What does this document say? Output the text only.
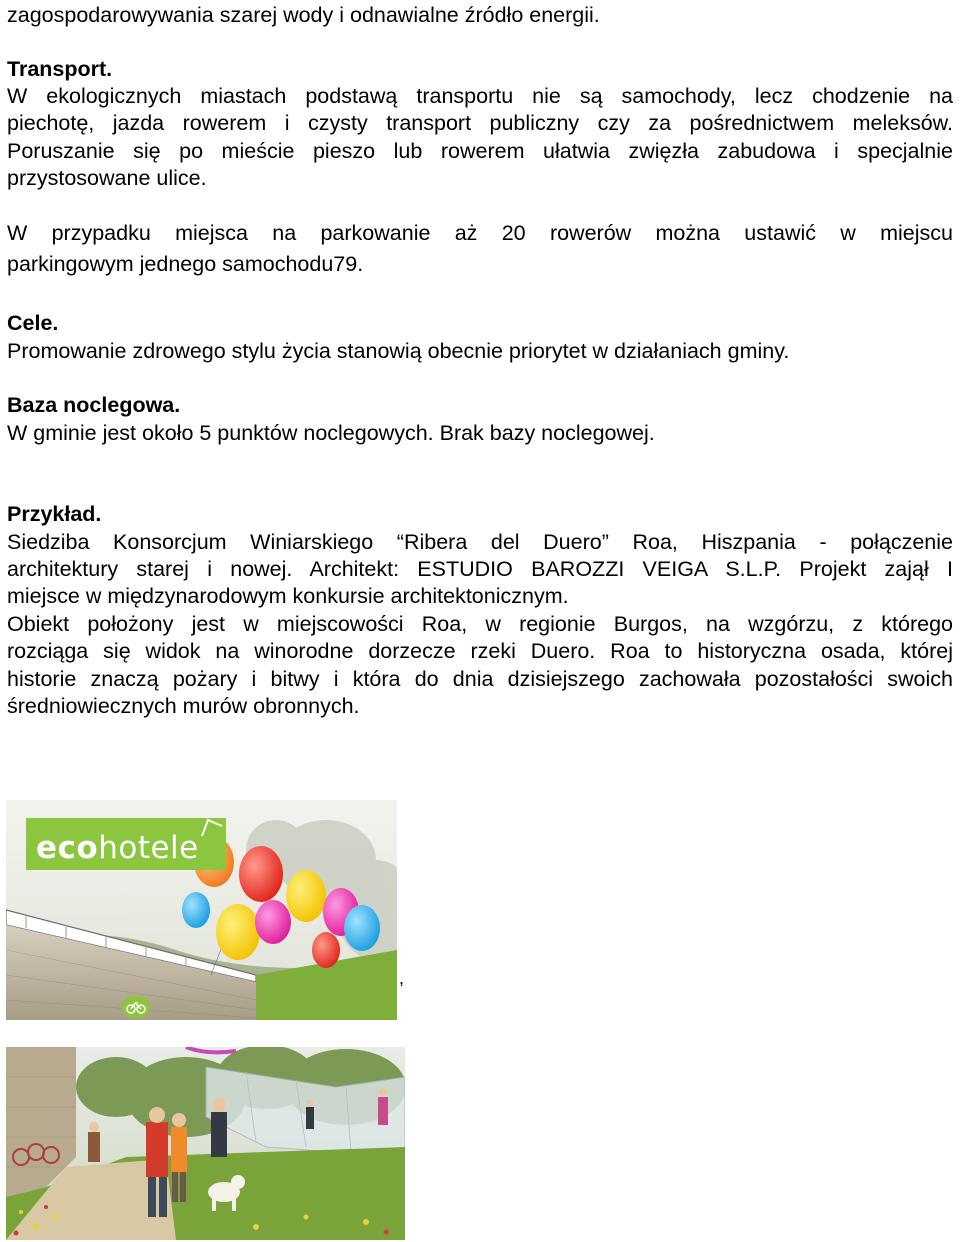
zagospodarowywania szarej wody i odnawialne źródło energii.
Transport.
W ekologicznych miastach podstawą transportu nie są samochody, lecz chodzenie na
piechotę, jazda rowerem i czysty transport publiczny czy za pośrednictwem meleksów.
Poruszanie się po mieście pieszo lub rowerem ułatwia zwięzła zabudowa i specjalnie
przystosowane ulice.
W przypadku miejsca na parkowanie aż 20 rowerów można ustawić w miejscu
parkingowym jednego samochodu79.
Cele.
Promowanie zdrowego stylu życia stanowią obecnie priorytet w działaniach gminy.
Baza noclegowa.
W gminie jest około 5 punktów noclegowych. Brak bazy noclegowej.
Przykład.
Siedziba Konsorcjum Winiarskiego “Ribera del Duero” Roa, Hiszpania - połączenie
architektury starej i nowej. Architekt: ESTUDIO BAROZZI VEIGA S.L.P. Projekt zajął I
miejsce w międzynarodowym konkursie architektonicznym.
Obiekt położony jest w miejscowości Roa, w regionie Burgos, na wzgórzu, z którego
rozciąga się widok na winorodne dorzecze rzeki Duero. Roa to historyczna osada, której
historie znaczą pożary i bitwy i która do dnia dzisiejszego zachowała pozostałości swoich
średniowiecznych murów obronnych.
ecohotele
,
